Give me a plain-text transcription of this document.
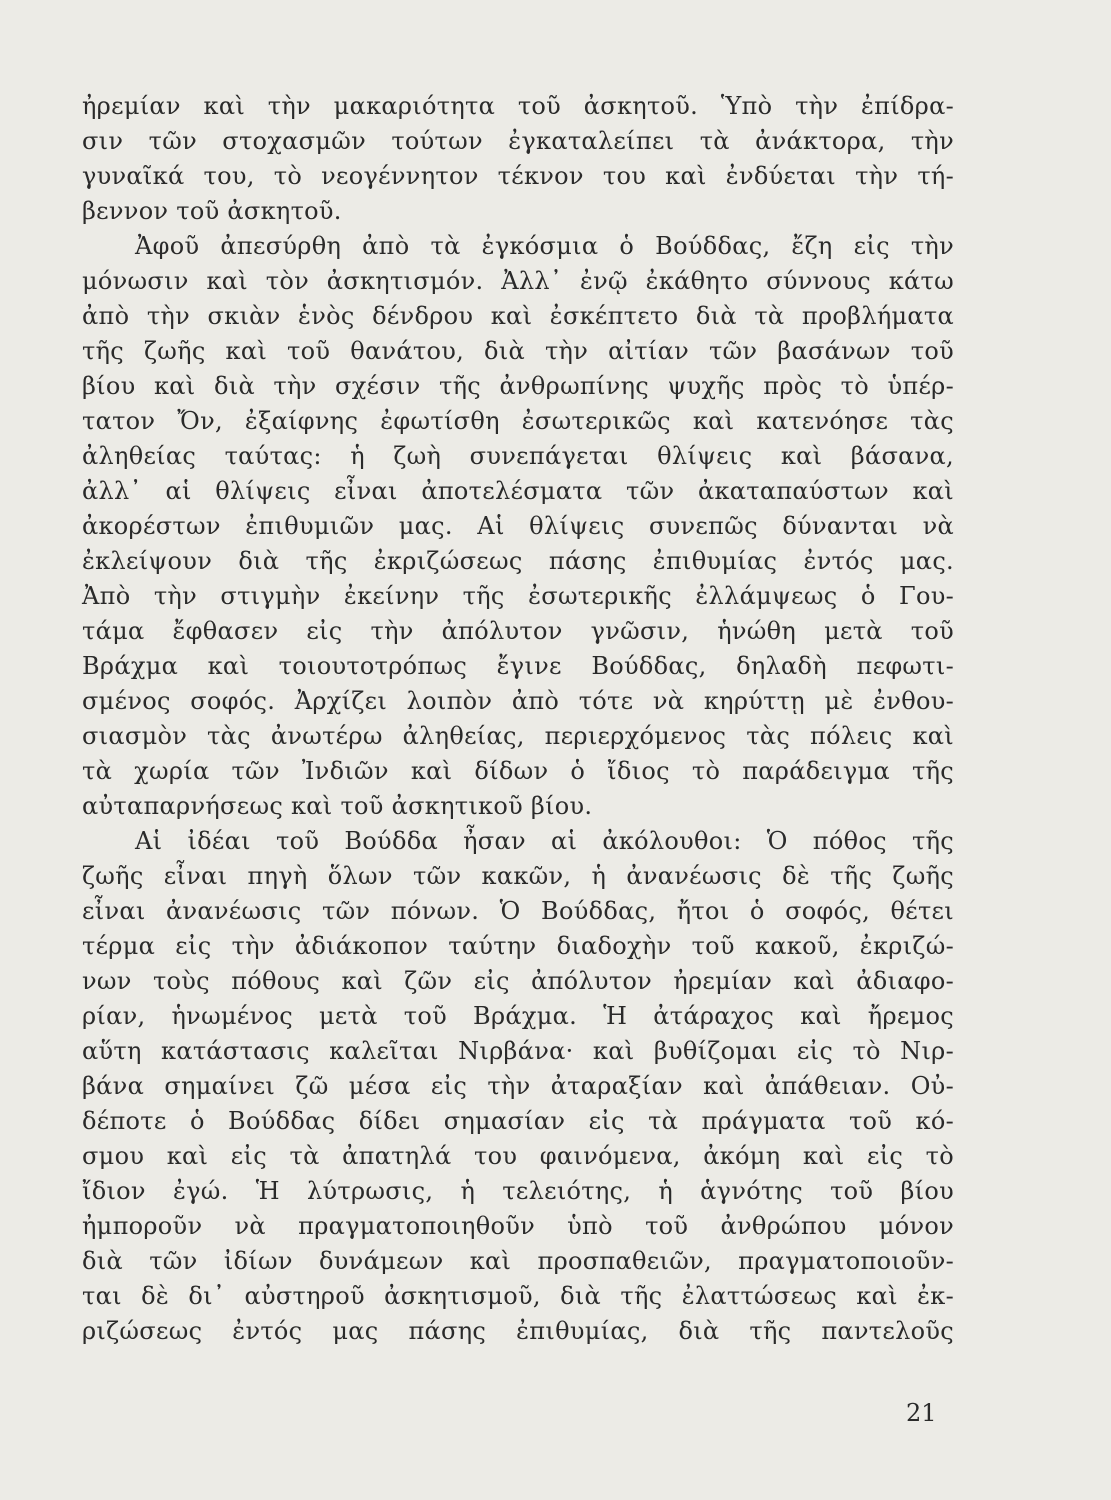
ἠρεμίαν καὶ τὴν μακαριότητα τοῦ ἀσκητοῦ. Ὑπὸ τὴν ἐπίδρα-
σιν τῶν στοχασμῶν τούτων ἐγκαταλείπει τὰ ἀνάκτορα, τὴν
γυναῖκά του, τὸ νεογέννητον τέκνον του καὶ ἐνδύεται τὴν τή-
βεννον τοῦ ἀσκητοῦ.
Ἀφοῦ ἀπεσύρθη ἀπὸ τὰ ἐγκόσμια ὁ Βούδδας, ἔζη εἰς τὴν
μόνωσιν καὶ τὸν ἀσκητισμόν. Ἀλλ᾽ ἐνῷ ἐκάθητο σύννους κάτω
ἀπὸ τὴν σκιὰν ἑνὸς δένδρου καὶ ἐσκέπτετο διὰ τὰ προβλήματα
τῆς ζωῆς καὶ τοῦ θανάτου, διὰ τὴν αἰτίαν τῶν βασάνων τοῦ
βίου καὶ διὰ τὴν σχέσιν τῆς ἀνθρωπίνης ψυχῆς πρὸς τὸ ὑπέρ-
τατον Ὄν, ἐξαίφνης ἐφωτίσθη ἐσωτερικῶς καὶ κατενόησε τὰς
ἀληθείας ταύτας: ἡ ζωὴ συνεπάγεται θλίψεις καὶ βάσανα,
ἀλλ᾽ αἱ θλίψεις εἶναι ἀποτελέσματα τῶν ἀκαταπαύστων καὶ
ἀκορέστων ἐπιθυμιῶν μας. Αἱ θλίψεις συνεπῶς δύνανται νὰ
ἐκλείψουν διὰ τῆς ἐκριζώσεως πάσης ἐπιθυμίας ἐντός μας.
Ἀπὸ τὴν στιγμὴν ἐκείνην τῆς ἐσωτερικῆς ἐλλάμψεως ὁ Γου-
τάμα ἔφθασεν εἰς τὴν ἀπόλυτον γνῶσιν, ἡνώθη μετὰ τοῦ
Βράχμα καὶ τοιουτοτρόπως ἔγινε Βούδδας, δηλαδὴ πεφωτι-
σμένος σοφός. Ἀρχίζει λοιπὸν ἀπὸ τότε νὰ κηρύττῃ μὲ ἐνθου-
σιασμὸν τὰς ἀνωτέρω ἀληθείας, περιερχόμενος τὰς πόλεις καὶ
τὰ χωρία τῶν Ἰνδιῶν καὶ δίδων ὁ ἴδιος τὸ παράδειγμα τῆς
αὐταπαρνήσεως καὶ τοῦ ἀσκητικοῦ βίου.
Αἱ ἰδέαι τοῦ Βούδδα ἦσαν αἱ ἀκόλουθοι: Ὁ πόθος τῆς
ζωῆς εἶναι πηγὴ ὅλων τῶν κακῶν, ἡ ἀνανέωσις δὲ τῆς ζωῆς
εἶναι ἀνανέωσις τῶν πόνων. Ὁ Βούδδας, ἤτοι ὁ σοφός, θέτει
τέρμα εἰς τὴν ἀδιάκοπον ταύτην διαδοχὴν τοῦ κακοῦ, ἐκριζώ-
νων τοὺς πόθους καὶ ζῶν εἰς ἀπόλυτον ἠρεμίαν καὶ ἀδιαφο-
ρίαν, ἡνωμένος μετὰ τοῦ Βράχμα. Ἡ ἀτάραχος καὶ ἤρεμος
αὕτη κατάστασις καλεῖται Νιρβάνα· καὶ βυθίζομαι εἰς τὸ Νιρ-
βάνα σημαίνει ζῶ μέσα εἰς τὴν ἀταραξίαν καὶ ἀπάθειαν. Οὐ-
δέποτε ὁ Βούδδας δίδει σημασίαν εἰς τὰ πράγματα τοῦ κό-
σμου καὶ εἰς τὰ ἀπατηλά του φαινόμενα, ἀκόμη καὶ εἰς τὸ
ἴδιον ἐγώ. Ἡ λύτρωσις, ἡ τελειότης, ἡ ἁγνότης τοῦ βίου
ἠμποροῦν νὰ πραγματοποιηθοῦν ὑπὸ τοῦ ἀνθρώπου μόνον
διὰ τῶν ἰδίων δυνάμεων καὶ προσπαθειῶν, πραγματοποιοῦν-
ται δὲ δι᾽ αὐστηροῦ ἀσκητισμοῦ, διὰ τῆς ἐλαττώσεως καὶ ἐκ-
ριζώσεως ἐντός μας πάσης ἐπιθυμίας, διὰ τῆς παντελοῦς
21
